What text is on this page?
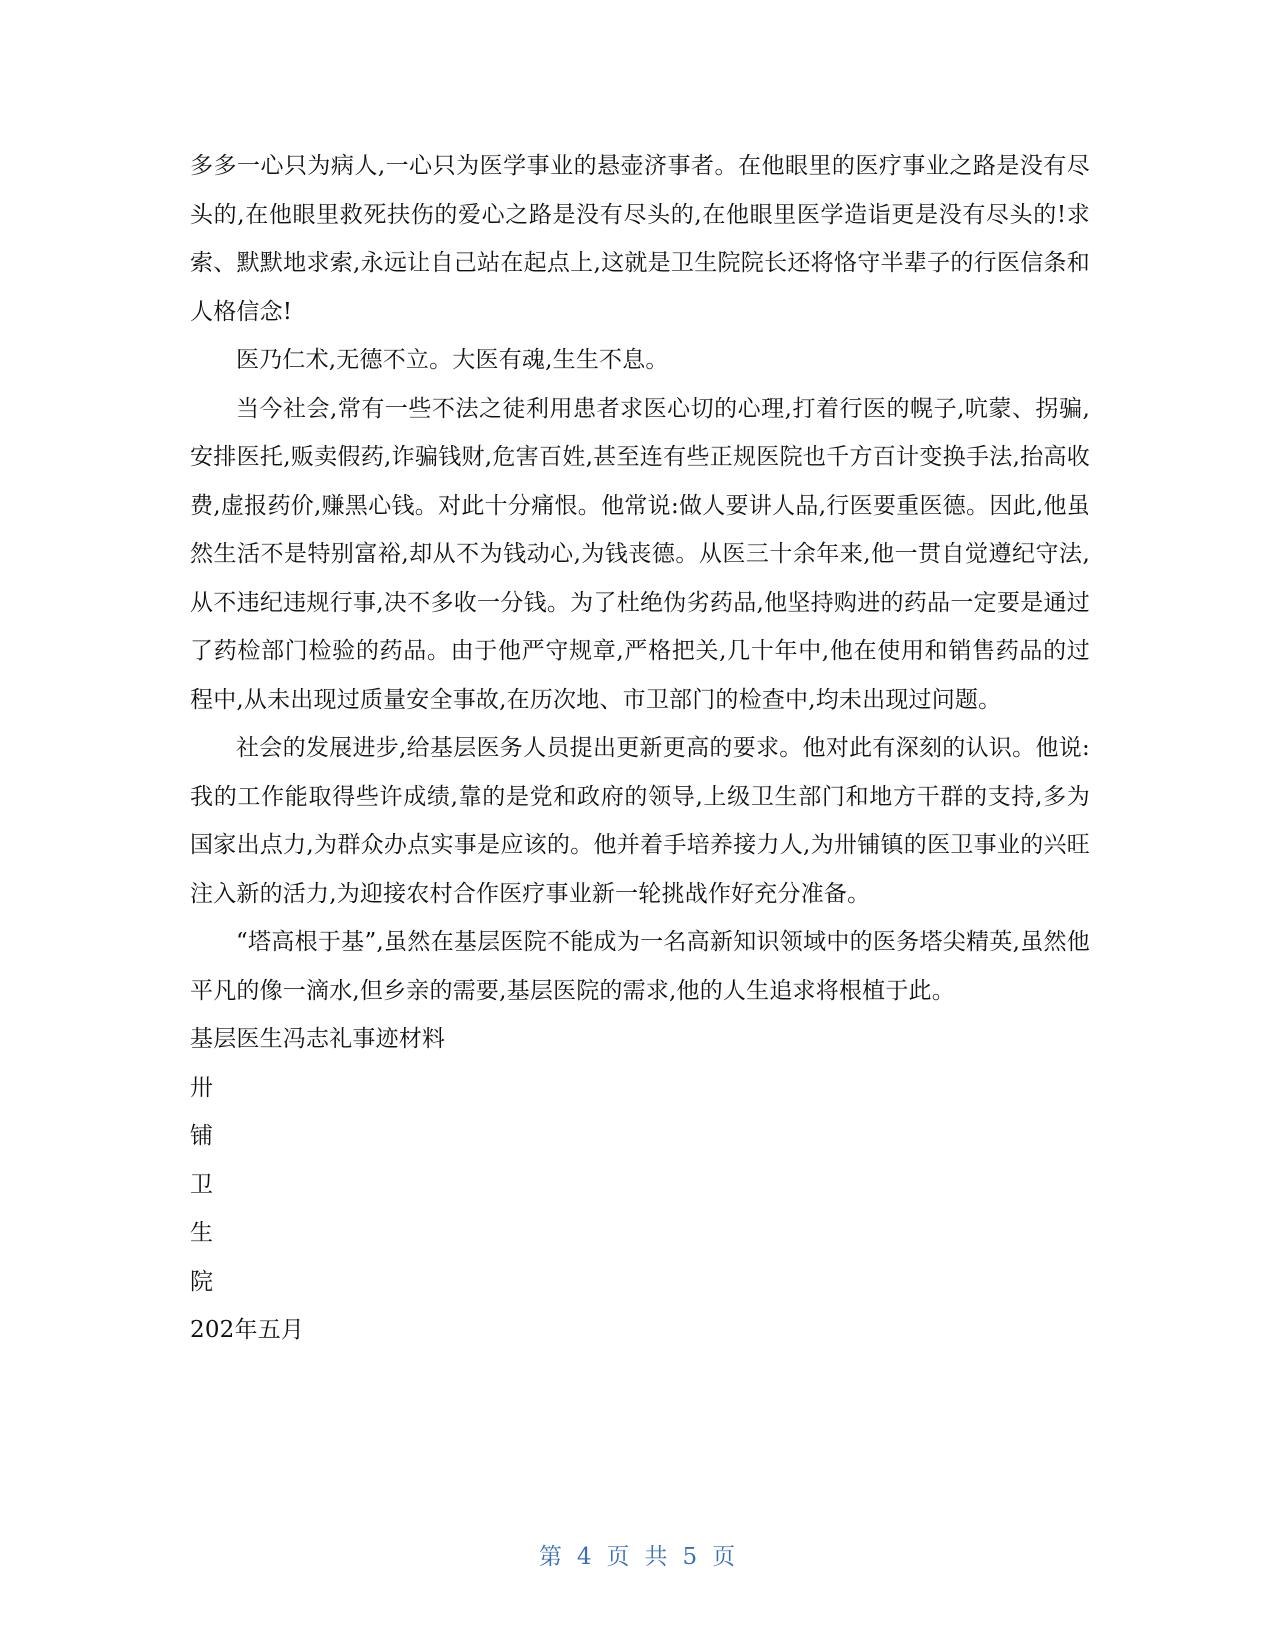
多多一心只为病人,一心只为医学事业的悬壶济事者。在他眼里的医疗事业之路是没有尽头的,在他眼里救死扶伤的爱心之路是没有尽头的,在他眼里医学造诣更是没有尽头的!求索、默默地求索,永远让自己站在起点上,这就是卫生院院长还将恪守半辈子的行医信条和人格信念!

医乃仁术,无德不立。大医有魂,生生不息。

当今社会,常有一些不法之徒利用患者求医心切的心理,打着行医的幌子,吭蒙、拐骗,安排医托,贩卖假药,诈骗钱财,危害百姓,甚至连有些正规医院也千方百计变换手法,抬高收费,虚报药价,赚黑心钱。对此十分痛恨。他常说:做人要讲人品,行医要重医德。因此,他虽然生活不是特别富裕,却从不为钱动心,为钱丧德。从医三十余年来,他一贯自觉遵纪守法,从不违纪违规行事,决不多收一分钱。为了杜绝伪劣药品,他坚持购进的药品一定要是通过了药检部门检验的药品。由于他严守规章,严格把关,几十年中,他在使用和销售药品的过程中,从未出现过质量安全事故,在历次地、市卫部门的检查中,均未出现过问题。

社会的发展进步,给基层医务人员提出更新更高的要求。他对此有深刻的认识。他说:我的工作能取得些许成绩,靠的是党和政府的领导,上级卫生部门和地方干群的支持,多为国家出点力,为群众办点实事是应该的。他并着手培养接力人,为卅铺镇的医卫事业的兴旺注入新的活力,为迎接农村合作医疗事业新一轮挑战作好充分准备。

“塔高根于基”,虽然在基层医院不能成为一名高新知识领域中的医务塔尖精英,虽然他平凡的像一滴水,但乡亲的需要,基层医院的需求,他的人生追求将根植于此。

基层医生冯志礼事迹材料

卅

铺

卫

生

院

202年五月

第 4 页 共 5 页
